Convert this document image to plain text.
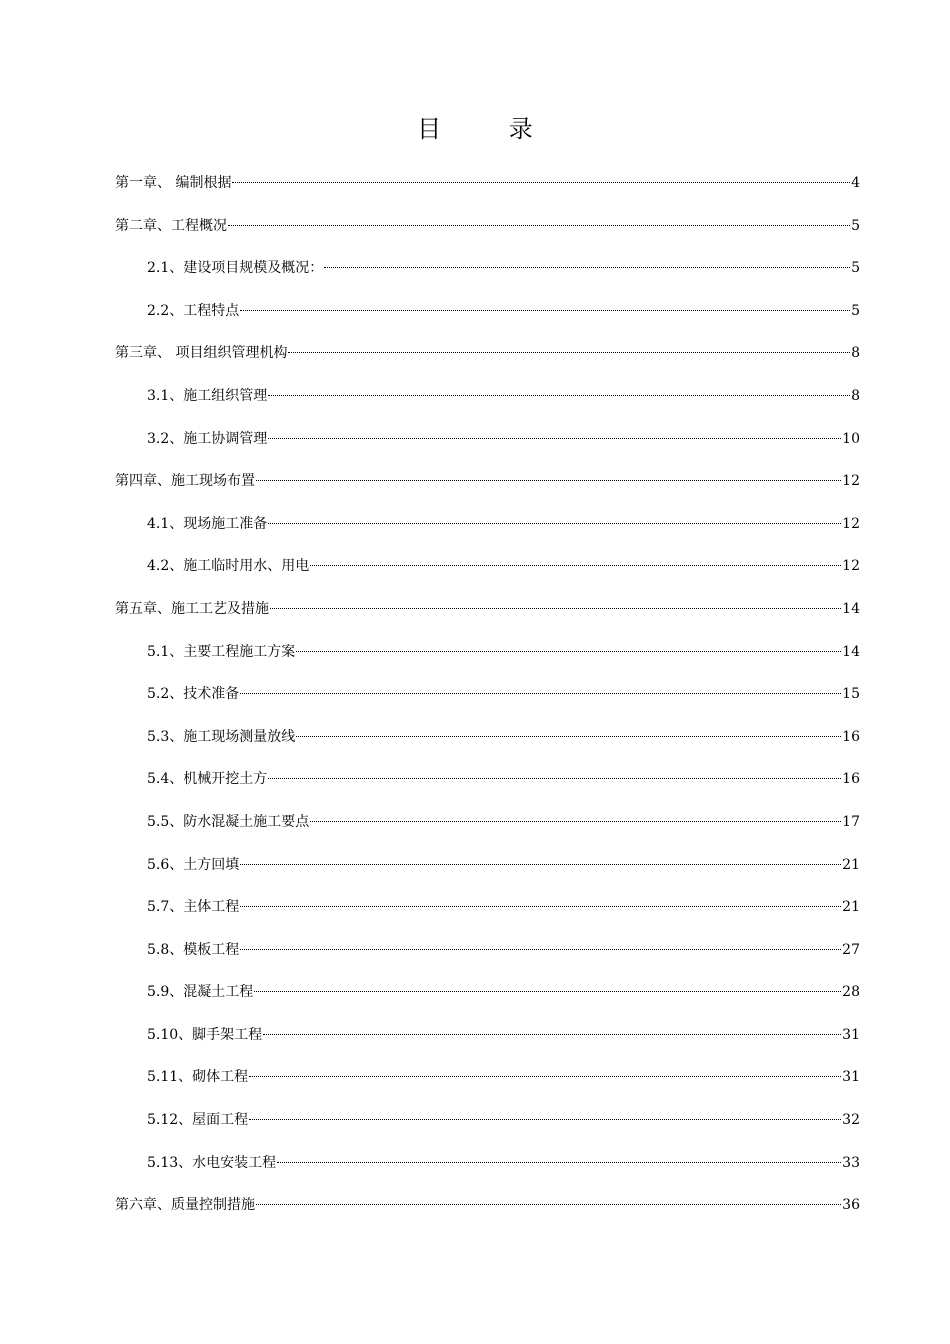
目 录
第一章、 编制根据	4
第二章、工程概况	5
2.1、建设项目规模及概况：	5
2.2、工程特点	5
第三章、 项目组织管理机构	8
3.1、施工组织管理	8
3.2、施工协调管理	10
第四章、施工现场布置	12
4.1、现场施工准备	12
4.2、施工临时用水、用电	12
第五章、施工工艺及措施	14
5.1、主要工程施工方案	14
5.2、技术准备	15
5.3、施工现场测量放线	16
5.4、机械开挖土方	16
5.5、防水混凝土施工要点	17
5.6、土方回填	21
5.7、主体工程	21
5.8、模板工程	27
5.9、混凝土工程	28
5.10、脚手架工程	31
5.11、砌体工程	31
5.12、屋面工程	32
5.13、水电安装工程	33
第六章、质量控制措施	36
